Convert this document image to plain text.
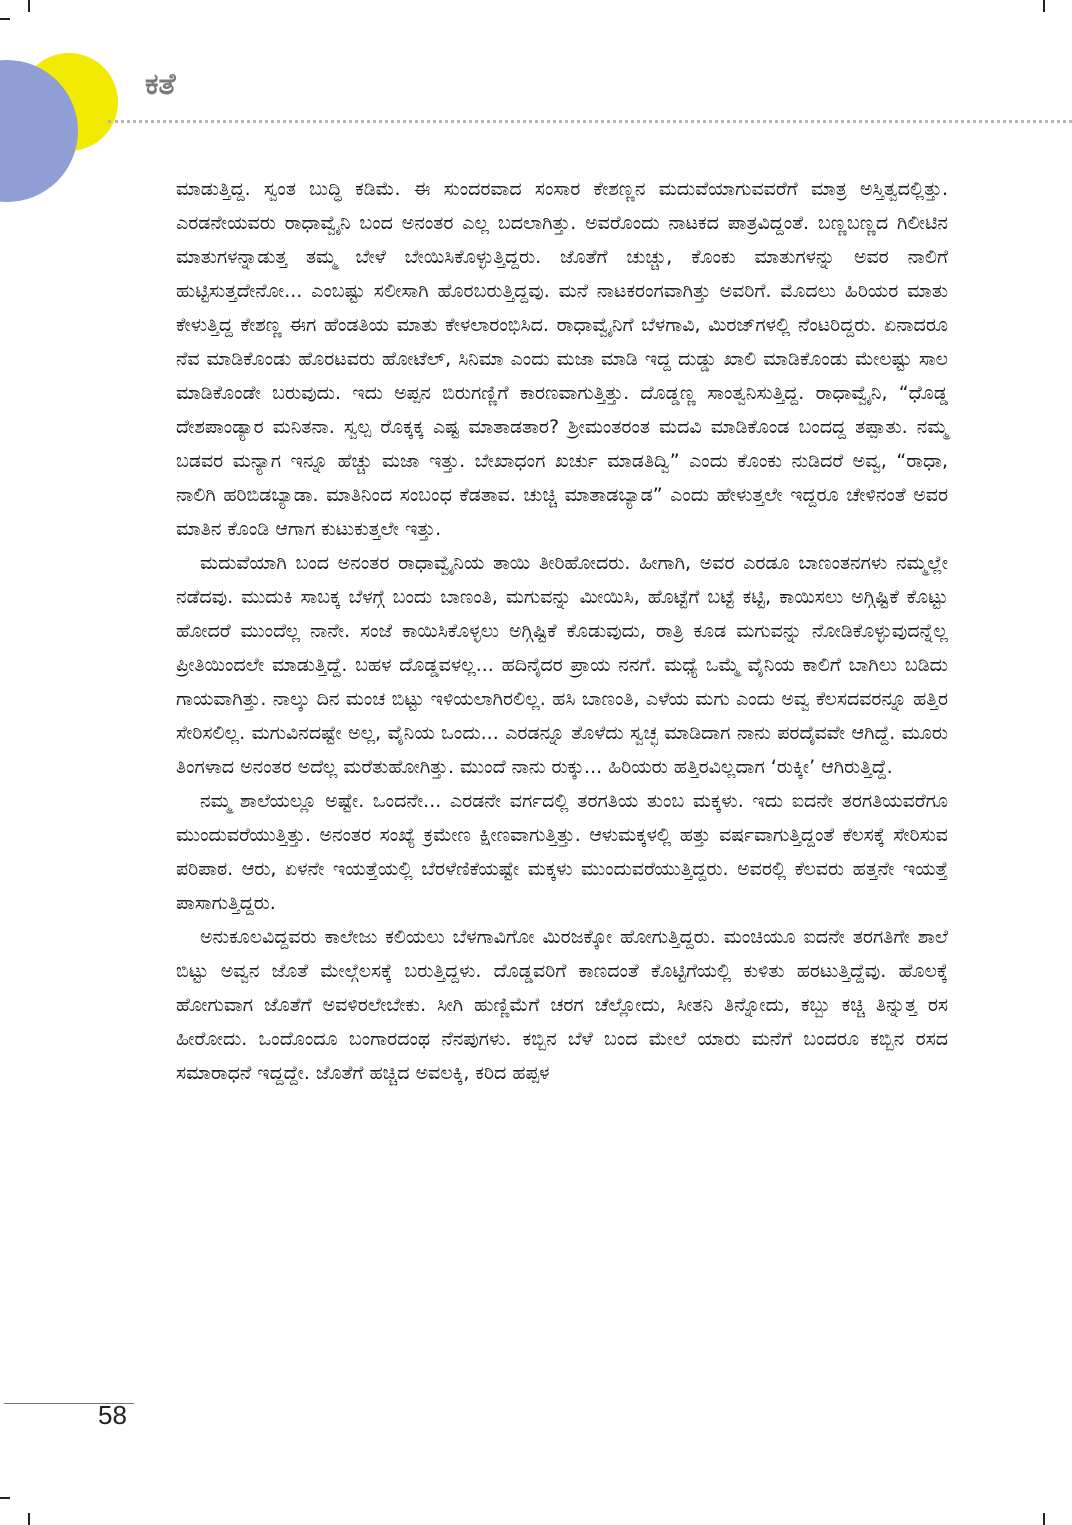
ಕತೆ

ಮಾಡುತ್ತಿದ್ದ. ಸ್ವಂತ ಬುದ್ಧಿ ಕಡಿಮೆ. ಈ ಸುಂದರವಾದ ಸಂಸಾರ ಕೇಶಣ್ಣನ ಮದುವೆಯಾಗುವವರೆಗೆ ಮಾತ್ರ ಅಸ್ತಿತ್ವದಲ್ಲಿತ್ತು. ಎರಡನೇಯವರು ರಾಧಾವ್ವೈನಿ ಬಂದ ಅನಂತರ ಎಲ್ಲ ಬದಲಾಗಿತ್ತು. ಅವರೊಂದು ನಾಟಕದ ಪಾತ್ರವಿದ್ದಂತೆ. ಬಣ್ಣಬಣ್ಣದ ಗಿಲೀಟಿನ ಮಾತುಗಳನ್ನಾಡುತ್ತ ತಮ್ಮ ಬೇಳೆ ಬೇಯಿಸಿಕೊಳ್ಳುತ್ತಿದ್ದರು. ಜೊತೆಗೆ ಚುಚ್ಚು, ಕೊಂಕು ಮಾತುಗಳನ್ನು ಅವರ ನಾಲಿಗೆ ಹುಟ್ಟಿಸುತ್ತದೇನೋ... ಎಂಬಷ್ಟು ಸಲೀಸಾಗಿ ಹೊರಬರುತ್ತಿದ್ದವು. ಮನೆ ನಾಟಕರಂಗವಾಗಿತ್ತು ಅವರಿಗೆ. ಮೊದಲು ಹಿರಿಯರ ಮಾತು ಕೇಳುತ್ತಿದ್ದ ಕೇಶಣ್ಣ ಈಗ ಹೆಂಡತಿಯ ಮಾತು ಕೇಳಲಾರಂಭಿಸಿದ. ರಾಧಾವ್ವೈನಿಗೆ ಬೆಳಗಾವಿ, ಮಿರಜ್‌ಗಳಲ್ಲಿ ನೆಂಟರಿದ್ದರು. ಏನಾದರೂ ನೆವ ಮಾಡಿಕೊಂಡು ಹೊರಟವರು ಹೋಟೆಲ್, ಸಿನಿಮಾ ಎಂದು ಮಜಾ ಮಾಡಿ ಇದ್ದ ದುಡ್ಡು ಖಾಲಿ ಮಾಡಿಕೊಂಡು ಮೇಲಷ್ಟು ಸಾಲ ಮಾಡಿಕೊಂಡೇ ಬರುವುದು. ಇದು ಅಪ್ಪನ ಬಿರುಗಣ್ಣಿಗೆ ಕಾರಣವಾಗುತ್ತಿತ್ತು. ದೊಡ್ಡಣ್ಣ ಸಾಂತ್ವನಿಸುತ್ತಿದ್ದ. ರಾಧಾವ್ವೈನಿ, “ಧೊಡ್ಡ ದೇಶಪಾಂಡ್ಯಾರ ಮನಿತನಾ. ಸ್ವಲ್ಪ ರೊಕ್ಕಕ್ಕ ಎಷ್ಟ ಮಾತಾಡತಾರ? ಶ್ರೀಮಂತರಂತ ಮದವಿ ಮಾಡಿಕೊಂಡ ಬಂದದ್ದ ತಪ್ಪಾತು. ನಮ್ಮ ಬಡವರ ಮನ್ಯಾಗ ಇನ್ನೂ ಹೆಚ್ಚು ಮಜಾ ಇತ್ತು. ಬೇಖಾಧಂಗ ಖರ್ಚು ಮಾಡತಿದ್ವಿ” ಎಂದು ಕೊಂಕು ನುಡಿದರೆ ಅವ್ವ, “ರಾಧಾ, ನಾಲಿಗಿ ಹರಿಬಿಡಬ್ಯಾಡಾ. ಮಾತಿನಿಂದ ಸಂಬಂಧ ಕೆಡತಾವ. ಚುಚ್ಚಿ ಮಾತಾಡಬ್ಯಾಡ” ಎಂದು ಹೇಳುತ್ತಲೇ ಇದ್ದರೂ ಚೇಳಿನಂತೆ ಅವರ ಮಾತಿನ ಕೊಂಡಿ ಆಗಾಗ ಕುಟುಕುತ್ತಲೇ ಇತ್ತು.

ಮದುವೆಯಾಗಿ ಬಂದ ಅನಂತರ ರಾಧಾವ್ವೈನಿಯ ತಾಯಿ ತೀರಿಹೋದರು. ಹೀಗಾಗಿ, ಅವರ ಎರಡೂ ಬಾಣಂತನಗಳು ನಮ್ಮಲ್ಲೇ ನಡೆದವು. ಮುದುಕಿ ಸಾಬಕ್ಕ ಬೆಳಗ್ಗೆ ಬಂದು ಬಾಣಂತಿ, ಮಗುವನ್ನು ಮೀಯಿಸಿ, ಹೊಟ್ಟೆಗೆ ಬಟ್ಟೆ ಕಟ್ಟಿ, ಕಾಯಿಸಲು ಅಗ್ಗಿಷ್ಟಿಕೆ ಕೊಟ್ಟು ಹೋದರೆ ಮುಂದೆಲ್ಲ ನಾನೇ. ಸಂಜೆ ಕಾಯಿಸಿಕೊಳ್ಳಲು ಅಗ್ಗಿಷ್ಟಿಕೆ ಕೊಡುವುದು, ರಾತ್ರಿ ಕೂಡ ಮಗುವನ್ನು ನೋಡಿಕೊಳ್ಳುವುದನ್ನೆಲ್ಲ ಪ್ರೀತಿಯಿಂದಲೇ ಮಾಡುತ್ತಿದ್ದೆ. ಬಹಳ ದೊಡ್ಡವಳಲ್ಲ... ಹದಿನೈದರ ಪ್ರಾಯ ನನಗೆ. ಮಧ್ಯೆ ಒಮ್ಮೆ ವೈನಿಯ ಕಾಲಿಗೆ ಬಾಗಿಲು ಬಡಿದು ಗಾಯವಾಗಿತ್ತು. ನಾಲ್ಕು ದಿನ ಮಂಚ ಬಿಟ್ಟು ಇಳಿಯಲಾಗಿರಲಿಲ್ಲ. ಹಸಿ ಬಾಣಂತಿ, ಎಳೆಯ ಮಗು ಎಂದು ಅವ್ವ ಕೆಲಸದವರನ್ನೂ ಹತ್ತಿರ ಸೇರಿಸಲಿಲ್ಲ. ಮಗುವಿನದಷ್ಟೇ ಅಲ್ಲ, ವೈನಿಯ ಒಂದು... ಎರಡನ್ನೂ ತೊಳೆದು ಸ್ವಚ್ಛ ಮಾಡಿದಾಗ ನಾನು ಪರದೈವವೇ ಆಗಿದ್ದೆ. ಮೂರು ತಿಂಗಳಾದ ಅನಂತರ ಅದೆಲ್ಲ ಮರೆತುಹೋಗಿತ್ತು. ಮುಂದೆ ನಾನು ರುಕ್ಕು... ಹಿರಿಯರು ಹತ್ತಿರವಿಲ್ಲದಾಗ ‘ರುಕ್ಕೀ’ ಆಗಿರುತ್ತಿದ್ದೆ.

ನಮ್ಮ ಶಾಲೆಯಲ್ಲೂ ಅಷ್ಟೇ. ಒಂದನೇ... ಎರಡನೇ ವರ್ಗದಲ್ಲಿ ತರಗತಿಯ ತುಂಬ ಮಕ್ಕಳು. ಇದು ಐದನೇ ತರಗತಿಯವರೆಗೂ ಮುಂದುವರೆಯುತ್ತಿತ್ತು. ಅನಂತರ ಸಂಖ್ಯೆ ಕ್ರಮೇಣ ಕ್ಷೀಣವಾಗುತ್ತಿತ್ತು. ಆಳುಮಕ್ಕಳಲ್ಲಿ ಹತ್ತು ವರ್ಷವಾಗುತ್ತಿದ್ದಂತೆ ಕೆಲಸಕ್ಕೆ ಸೇರಿಸುವ ಪರಿಪಾಠ. ಆರು, ಏಳನೇ ಇಯತ್ತೆಯಲ್ಲಿ ಬೆರಳೆಣಿಕೆಯಷ್ಟೇ ಮಕ್ಕಳು ಮುಂದುವರೆಯುತ್ತಿದ್ದರು. ಅವರಲ್ಲಿ ಕೆಲವರು ಹತ್ತನೇ ಇಯತ್ತೆ ಪಾಸಾಗುತ್ತಿದ್ದರು.

ಅನುಕೂಲವಿದ್ದವರು ಕಾಲೇಜು ಕಲಿಯಲು ಬೆಳಗಾವಿಗೋ ಮಿರಜಕ್ಕೋ ಹೋಗುತ್ತಿದ್ದರು. ಮಂಚಿಯೂ ಐದನೇ ತರಗತಿಗೇ ಶಾಲೆ ಬಿಟ್ಟು ಅವ್ವನ ಜೊತೆ ಮೇಲ್ಗೆಲಸಕ್ಕೆ ಬರುತ್ತಿದ್ದಳು. ದೊಡ್ಡವರಿಗೆ ಕಾಣದಂತೆ ಕೊಟ್ಟಿಗೆಯಲ್ಲಿ ಕುಳಿತು ಹರಟುತ್ತಿದ್ದೆವು. ಹೊಲಕ್ಕೆ ಹೋಗುವಾಗ ಜೊತೆಗೆ ಅವಳಿರಲೇಬೇಕು. ಸೀಗಿ ಹುಣ್ಣಿಮೆಗೆ ಚರಗ ಚೆಲ್ಲೋದು, ಸೀತನಿ ತಿನ್ನೋದು, ಕಬ್ಬು ಕಚ್ಚಿ ತಿನ್ನುತ್ತ ರಸ ಹೀರೋದು. ಒಂದೊಂದೂ ಬಂಗಾರದಂಥ ನೆನಪುಗಳು. ಕಬ್ಬಿನ ಬೆಳೆ ಬಂದ ಮೇಲೆ ಯಾರು ಮನೆಗೆ ಬಂದರೂ ಕಬ್ಬಿನ ರಸದ ಸಮಾರಾಧನೆ ಇದ್ದದ್ದೇ. ಜೊತೆಗೆ ಹಚ್ಚಿದ ಅವಲಕ್ಕಿ, ಕರಿದ ಹಪ್ಪಳ

58
